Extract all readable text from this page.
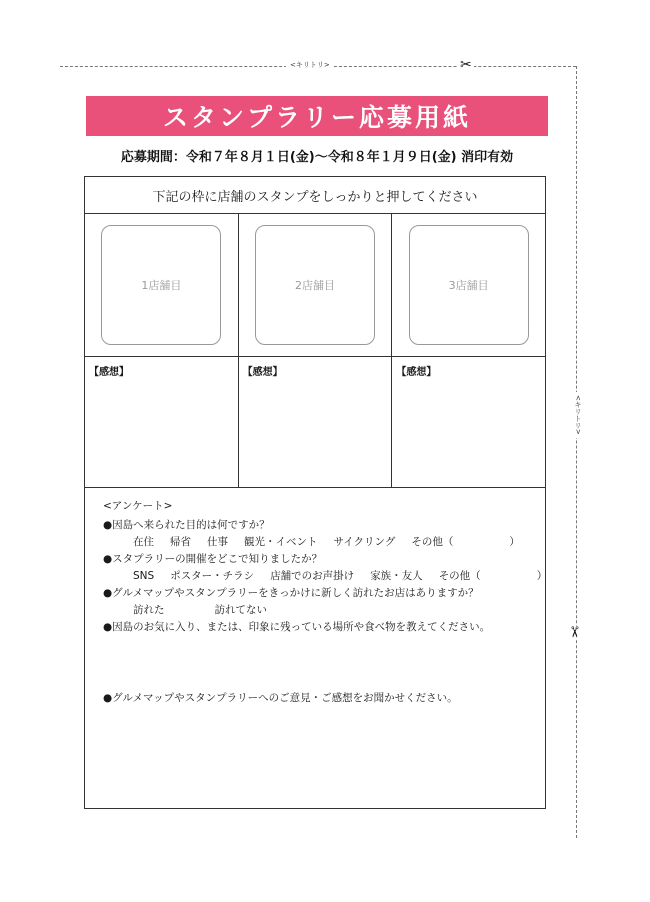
<キリトリ>	✂
<キリトリ>
✂
スタンプラリー応募用紙
応募期間：令和７年８月１日(金)～令和８年１月９日(金) 消印有効
下記の枠に店舗のスタンプをしっかりと押してください
1店舗目	2店舗目	3店舗目
【感想】	【感想】	【感想】
<アンケート>
●因島へ来られた目的は何ですか？
在住 帰省 仕事 観光・イベント サイクリング その他（	）
●スタプラリーの開催をどこで知りましたか？
SNS ポスター・チラシ 店舗でのお声掛け 家族・友人 その他（	）
●グルメマップやスタンプラリーをきっかけに新しく訪れたお店はありますか？
訪れた	訪れてない
●因島のお気に入り、または、印象に残っている場所や食べ物を教えてください。
●グルメマップやスタンプラリーへのご意見・ご感想をお聞かせください。
